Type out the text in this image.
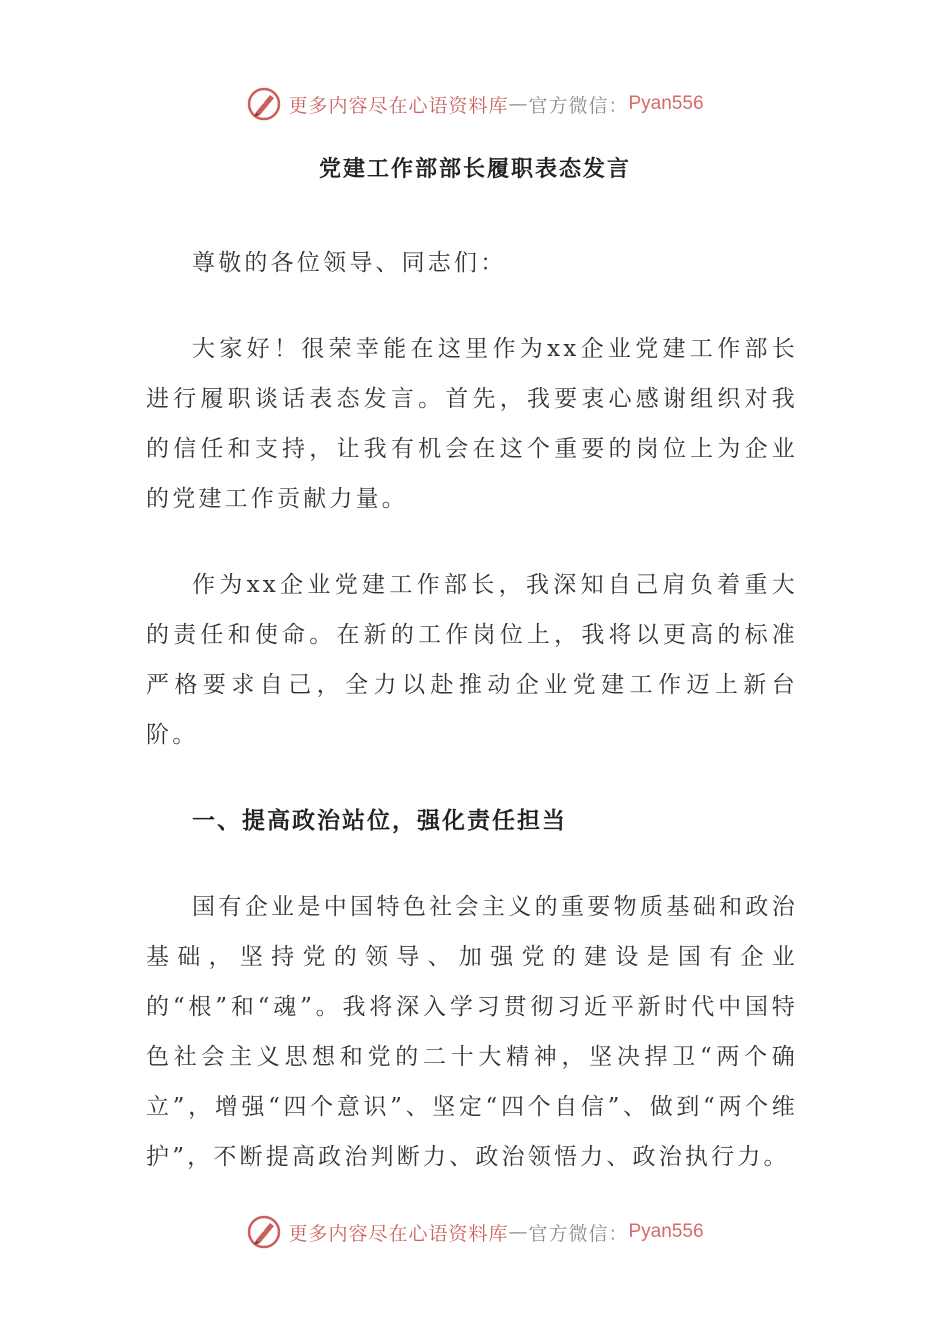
更多内容尽在心语资料库 — 官方微信： Pyan556
党建工作部部长履职表态发言

尊敬的各位领导、同志们：

大家好！很荣幸能在这里作为xx企业党建工作部长进行履职谈话表态发言。首先，我要衷心感谢组织对我的信任和支持，让我有机会在这个重要的岗位上为企业的党建工作贡献力量。

作为xx企业党建工作部长，我深知自己肩负着重大的责任和使命。在新的工作岗位上，我将以更高的标准严格要求自己，全力以赴推动企业党建工作迈上新台阶。

一、提高政治站位，强化责任担当

国有企业是中国特色社会主义的重要物质基础和政治基础，坚持党的领导、加强党的建设是国有企业的“根”和“魂”。我将深入学习贯彻习近平新时代中国特色社会主义思想和党的二十大精神，坚决捍卫“两个确立”，增强“四个意识”、坚定“四个自信”、做到“两个维护”，不断提高政治判断力、政治领悟力、政治执行力。

更多内容尽在心语资料库 — 官方微信： Pyan556
